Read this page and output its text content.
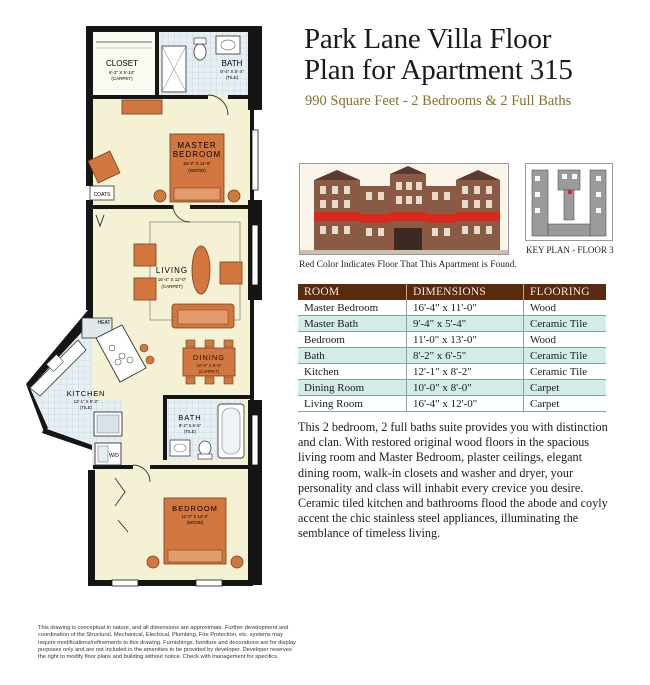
CLOSET
6'-3" X 5'-10"
(CARPET)
BATH
9'-4" X 5'-4"
(TILE)
MASTER
BEDROOM
16'-4" X 11'-0"
(WOOD)
COATS
LIVING
16'-4" X 12'-0"
(CARPET)
DINING
10'-0" X 8'-0"
(CARPET)
HEAT
KITCHEN
12'-1" X 8'-2"
(TILE)
BATH
8'-2" X 6'-5"
(TILE)
W/D
BEDROOM
11'-0" X 13'-0"
(WOOD)
Park Lane Villa Floor
Plan for Apartment 315
990 Square Feet - 2 Bedrooms & 2 Full Baths
KEY PLAN - FLOOR 3
Red Color Indicates Floor That This Apartment is Found.
ROOM	DIMENSIONS	FLOORING
Master Bedroom	16'-4" x 11'-0"	Wood
Master Bath	9'-4" x 5'-4"	Ceramic Tile
Bedroom	11'-0" x 13'-0"	Wood
Bath	8'-2" x 6'-5"	Ceramic Tile
Kitchen	12'-1" x 8'-2"	Ceramic Tile
Dining Room	10'-0" x 8'-0"	Carpet
Living Room	16'-4" x 12'-0"	Carpet

This 2 bedroom, 2 full baths suite provides you with distinction and clan. With restored original wood floors in the spacious living room and Master Bedroom, plaster ceilings, elegant dining room, walk-in closets and washer and dryer, your personality and class will inhabit every crevice you desire. Ceramic tiled kitchen and bathrooms flood the abode and coyly accent the chic stainless steel appliances, illuminating the semblance of timeless living.

This drawing is conceptual in nature, and all dimensions are approximate. Further development and coordination of the Structural, Mechanical, Electrical, Plumbing, Fire Protection, etc. systems may require modifications/refinements to this drawing. Furnishings, furniture and decorations are for display purposes only and are not included in the amenities to be provided by developer. Developer reserves the right to modify floor plans and building without notice. Check with management for specifics.
